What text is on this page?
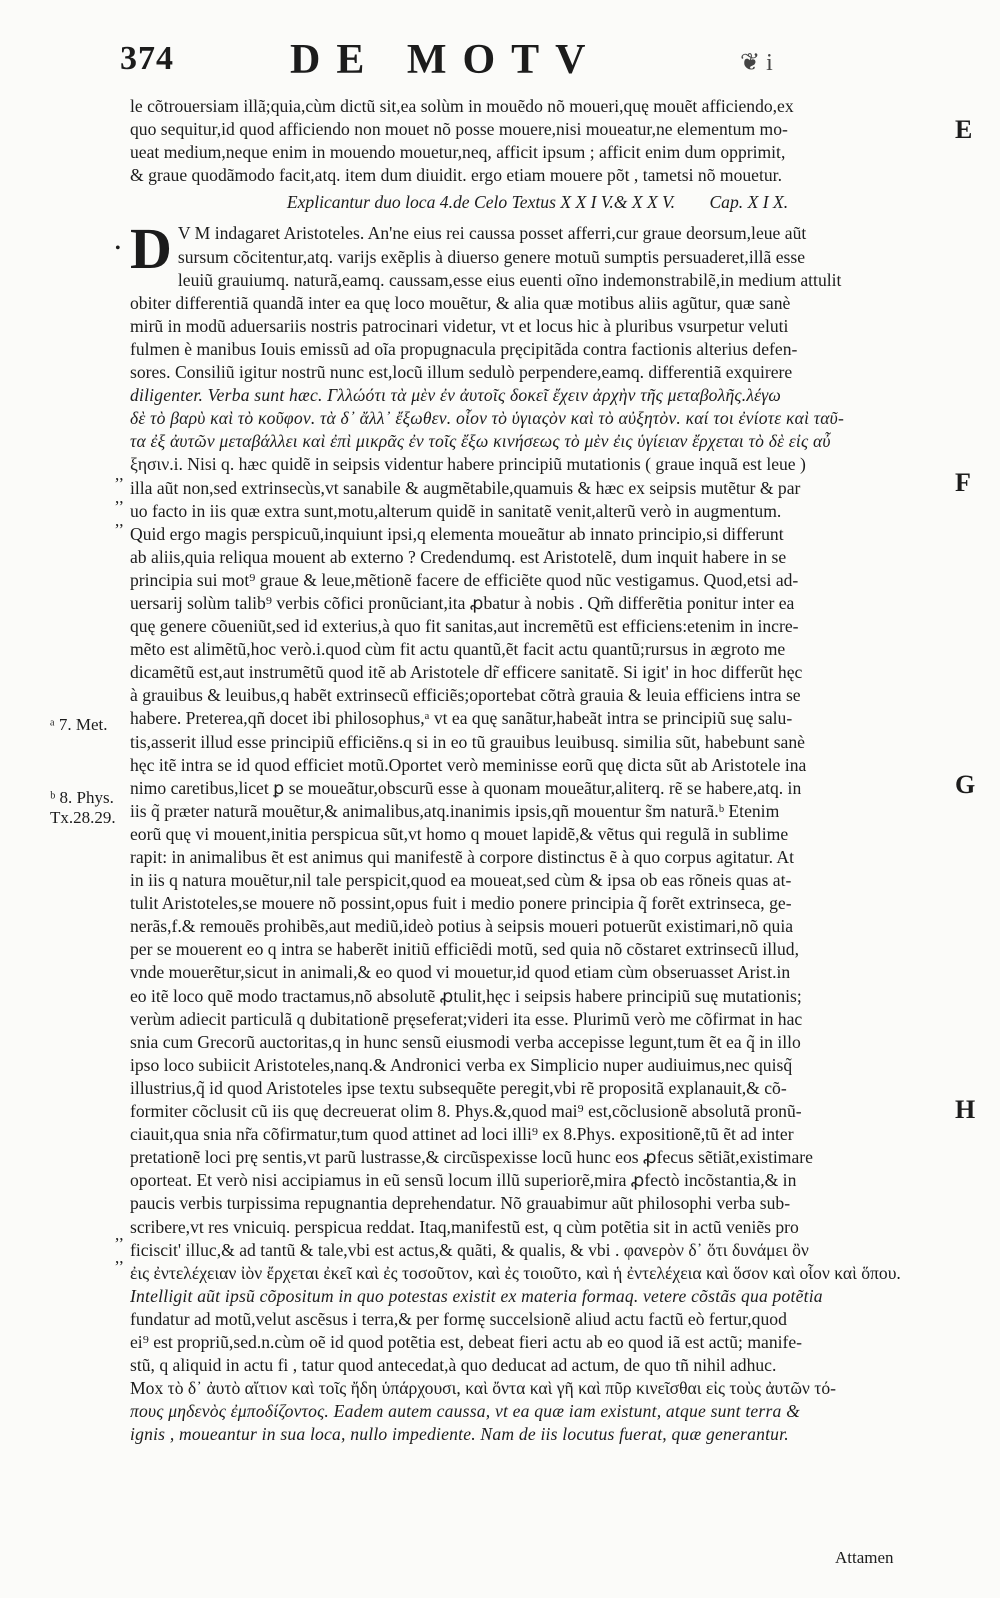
374	DE MOTV	❦ i
E
F
G
H
•
ᵃ 7. Met.
ᵇ 8. Phys.
Tx.28.29.
,,
,,
,,
,,
,,
le cõtrouersiam illã;quia,cùm dictũ sit,ea solùm in mouẽdo nõ moueri,quę mouẽt afficiendo,ex
quo sequitur,id quod afficiendo non mouet nõ posse mouere,nisi moueatur,ne elementum mo-
ueat medium,neque enim in mouendo mouetur,neq, afficit ipsum ; afficit enim dum opprimit,
& graue quodãmodo facit,atq. item dum diuidit. ergo etiam mouere põt , tametsi nõ mouetur.
Explicantur duo loca 4.de Celo Textus X X I V.& X X V. Cap. X I X.
D V M indagaret Aristoteles. An'ne eius rei caussa posset afferri,cur graue deorsum,leue aũt
sursum cõcitentur,atq. varijs exẽplis à diuerso genere motuũ sumptis persuaderet,illã esse
leuiũ grauiumq. naturã,eamq. caussam,esse eius euenti oĩno indemonstrabilẽ,in medium attulit
obiter differentiã quandã inter ea quę loco mouẽtur, & alia quæ motibus aliis agũtur, quæ sanè
mirũ in modũ aduersariis nostris patrocinari videtur, vt et locus hic à pluribus vsurpetur veluti
fulmen è manibus Iouis emissũ ad oĩa propugnacula pręcipitãda contra factionis alterius defen-
sores. Consiliũ igitur nostrũ nunc est,locũ illum sedulò perpendere,eamq. differentiã exquirere
diligenter. Verba sunt hæc. Γλλώότι τὰ μὲν ἐν ἀυτοῖς δοκεῖ ἔχειν ἀρχὴν τῆς μεταβολῆς.λέγω
δὲ τὸ βαρὺ καὶ τὸ κοῦφον. τὰ δ᾽ ἄλλ᾽ ἔξωθεν. οἷον τὸ ὑγιαςὸν καὶ τὸ αὐξητὸν. καί τοι ἐνίοτε καὶ ταῦ-
τα ἐξ ἀυτῶν μεταβάλλει καὶ ἐπὶ μικρᾶς ἐν τοῖς ἔξω κινήσεως τὸ μὲν ἐις ὑγίειαν ἔρχεται τὸ δὲ εἰς αὖ
ξησιν.i. Nisi q. hæc quidẽ in seipsis videntur habere principiũ mutationis ( graue inquã est leue )
illa aũt non,sed extrinsecùs,vt sanabile & augmẽtabile,quamuis & hæc ex seipsis mutẽtur & par
uo facto in iis quæ extra sunt,motu,alterum quidẽ in sanitatẽ venit,alterũ verò in augmentum.
Quid ergo magis perspicuũ,inquiunt ipsi,q elementa moueãtur ab innato principio,si differunt
ab aliis,quia reliqua mouent ab externo ? Credendumq. est Aristotelẽ, dum inquit habere in se
principia sui mot⁹ graue & leue,mẽtionẽ facere de efficiẽte quod nũc vestigamus. Quod,etsi ad-
uersarij solùm talib⁹ verbis cõfici pronũciant,ita ꝓbatur à nobis . Qm̃ differẽtia ponitur inter ea
quę genere cõueniũt,sed id exterius,à quo fit sanitas,aut incremẽtũ est efficiens:etenim in incre-
mẽto est alimẽtũ,hoc verò.i.quod cùm fit actu quantũ,ẽt facit actu quantũ;rursus in ægroto me
dicamẽtũ est,aut instrumẽtũ quod itẽ ab Aristotele dr̃ efficere sanitatẽ. Si igit' in hoc differũt hęc
à grauibus & leuibus,q habẽt extrinsecũ efficiẽs;oportebat cõtrà grauia & leuia efficiens intra se
habere. Preterea,qñ docet ibi philosophus,ᵃ vt ea quę sanãtur,habeãt intra se principiũ suę salu-
tis,asserit illud esse principiũ efficiẽns.q si in eo tũ grauibus leuibusq. similia sũt, habebunt sanè
hęc itẽ intra se id quod efficiet motũ.Oportet verò meminisse eorũ quę dicta sũt ab Aristotele ina
nimo caretibus,licet ꝑ se moueãtur,obscurũ esse à quonam moueãtur,aliterq. rẽ se habere,atq. in
iis q̃ præter naturã mouẽtur,& animalibus,atq.inanimis ipsis,qñ mouentur s̃m naturã.ᵇ Etenim
eorũ quę vi mouent,initia perspicua sũt,vt homo q mouet lapidẽ,& vẽtus qui regulã in sublime
rapit: in animalibus ẽt est animus qui manifestẽ à corpore distinctus ẽ à quo corpus agitatur. At
in iis q natura mouẽtur,nil tale perspicit,quod ea moueat,sed cùm & ipsa ob eas rõneis quas at-
tulit Aristoteles,se mouere nõ possint,opus fuit i medio ponere principia q̃ forẽt extrinseca, ge-
nerãs,f.& remouẽs prohibẽs,aut mediũ,ideò potius à seipsis moueri potuerũt existimari,nõ quia
per se mouerent eo q intra se haberẽt initiũ efficiẽdi motũ, sed quia nõ cõstaret extrinsecũ illud,
vnde mouerẽtur,sicut in animali,& eo quod vi mouetur,id quod etiam cùm obseruasset Arist.in
eo itẽ loco quẽ modo tractamus,nõ absolutẽ ꝓtulit,hęc i seipsis habere principiũ suę mutationis;
verùm adiecit particulã q dubitationẽ pręseferat;videri ita esse. Plurimũ verò me cõfirmat in hac
snia cum Grecorũ auctoritas,q in hunc sensũ eiusmodi verba accepisse legunt,tum ẽt ea q̃ in illo
ipso loco subiicit Aristoteles,nanq.& Andronici verba ex Simplicio nuper audiuimus,nec quisq̃
illustrius,q̃ id quod Aristoteles ipse textu subsequẽte peregit,vbi rẽ propositã explanauit,& cõ-
formiter cõclusit cũ iis quę decreuerat olim 8. Phys.&,quod mai⁹ est,cõclusionẽ absolutã pronũ-
ciauit,qua snia nr̃a cõfirmatur,tum quod attinet ad loci illi⁹ ex 8.Phys. expositionẽ,tũ ẽt ad inter
pretationẽ loci prę sentis,vt parũ lustrasse,& circũspexisse locũ hunc eos ꝓfecus sẽtiãt,existimare
oporteat. Et verò nisi accipiamus in eũ sensũ locum illũ superiorẽ,mira ꝓfectò incõstantia,& in
paucis verbis turpissima repugnantia deprehendatur. Nõ grauabimur aũt philosophi verba sub-
scribere,vt res vnicuiq. perspicua reddat. Itaq,manifestũ est, q cùm potẽtia sit in actũ veniẽs pro
ficiscit' illuc,& ad tantũ & tale,vbi est actus,& quãti, & qualis, & vbi . φανερὸν δ᾽ ὅτι δυνάμει ὂν
ἐις ἐντελέχειαν ἰὸν ἔρχεται ἐκεῖ καὶ ἐς τοσοῦτον, καὶ ἐς τοιοῦτο, καὶ ἡ ἐντελέχεια καὶ ὅσον καὶ οἷον καὶ ὅπου.
Intelligit aũt ipsũ cõpositum in quo potestas existit ex materia formaq. vetere cõstãs qua potẽtia
fundatur ad motũ,velut ascẽsus i terra,& per formę succelsionẽ aliud actu factũ eò fertur,quod
ei⁹ est propriũ,sed.n.cùm oẽ id quod potẽtia est, debeat fieri actu ab eo quod iã est actũ; manife-
stũ, q aliquid in actu fi , tatur quod antecedat,à quo deducat ad actum, de quo tñ nihil adhuc.
Mox τὸ δ᾽ ἀυτὸ αἴτιον καὶ τοῖς ἤδη ὑπάρχουσι, καὶ ὄντα καὶ γῆ καὶ πῦρ κινεῖσθαι εἰς τοὺς ἀυτῶν τό-
πους μηδενὸς ἐμποδίζοντος. Eadem autem caussa, vt ea quæ iam existunt, atque sunt terra &
ignis , moueantur in sua loca, nullo impediente. Nam de iis locutus fuerat, quæ generantur.
Attamen
